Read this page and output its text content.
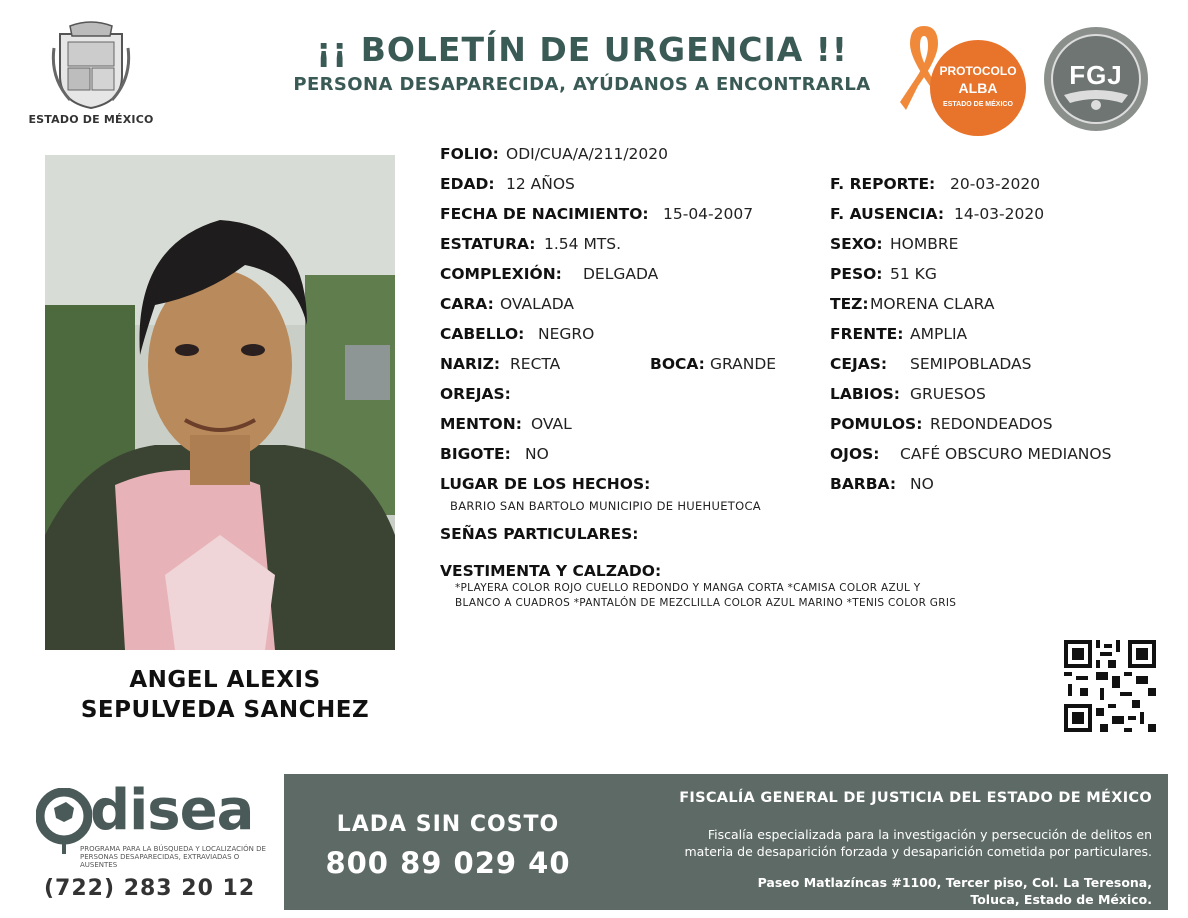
ESTADO DE MÉXICO
¡¡ BOLETÍN DE URGENCIA !!
PERSONA DESAPARECIDA, AYÚDANOS A ENCONTRARLA
PROTOCOLO
ALBA
ESTADO DE MÉXICO
FGJ
ANGEL ALEXIS
SEPULVEDA SANCHEZ
FOLIO: ODI/CUA/A/211/2020
EDAD: 12 AÑOS
FECHA DE NACIMIENTO: 15-04-2007
ESTATURA: 1.54 MTS.
COMPLEXIÓN: DELGADA
CARA: OVALADA
CABELLO: NEGRO
NARIZ: RECTA	BOCA: GRANDE
OREJAS:
MENTON: OVAL
BIGOTE: NO
LUGAR DE LOS HECHOS:
BARRIO SAN BARTOLO MUNICIPIO DE HUEHUETOCA
SEÑAS PARTICULARES:
VESTIMENTA Y CALZADO:
*PLAYERA COLOR ROJO CUELLO REDONDO Y MANGA CORTA *CAMISA COLOR AZUL Y
BLANCO A CUADROS *PANTALÓN DE MEZCLILLA COLOR AZUL MARINO *TENIS COLOR GRIS
F. REPORTE: 20-03-2020
F. AUSENCIA: 14-03-2020
SEXO: HOMBRE
PESO: 51 KG
TEZ: MORENA CLARA
FRENTE: AMPLIA
CEJAS: SEMIPOBLADAS
LABIOS: GRUESOS
POMULOS: REDONDEADOS
OJOS: CAFÉ OBSCURO MEDIANOS
BARBA: NO
disea
PROGRAMA PARA LA BÚSQUEDA Y LOCALIZACIÓN DE PERSONAS DESAPARECIDAS, EXTRAVIADAS O AUSENTES
(722) 283 20 12
LADA SIN COSTO
800 89 029 40
FISCALÍA GENERAL DE JUSTICIA DEL ESTADO DE MÉXICO
Fiscalía especializada para la investigación y persecución de delitos en
materia de desaparición forzada y desaparición cometida por particulares.
Paseo Matlazíncas #1100, Tercer piso, Col. La Teresona,
Toluca, Estado de México.
